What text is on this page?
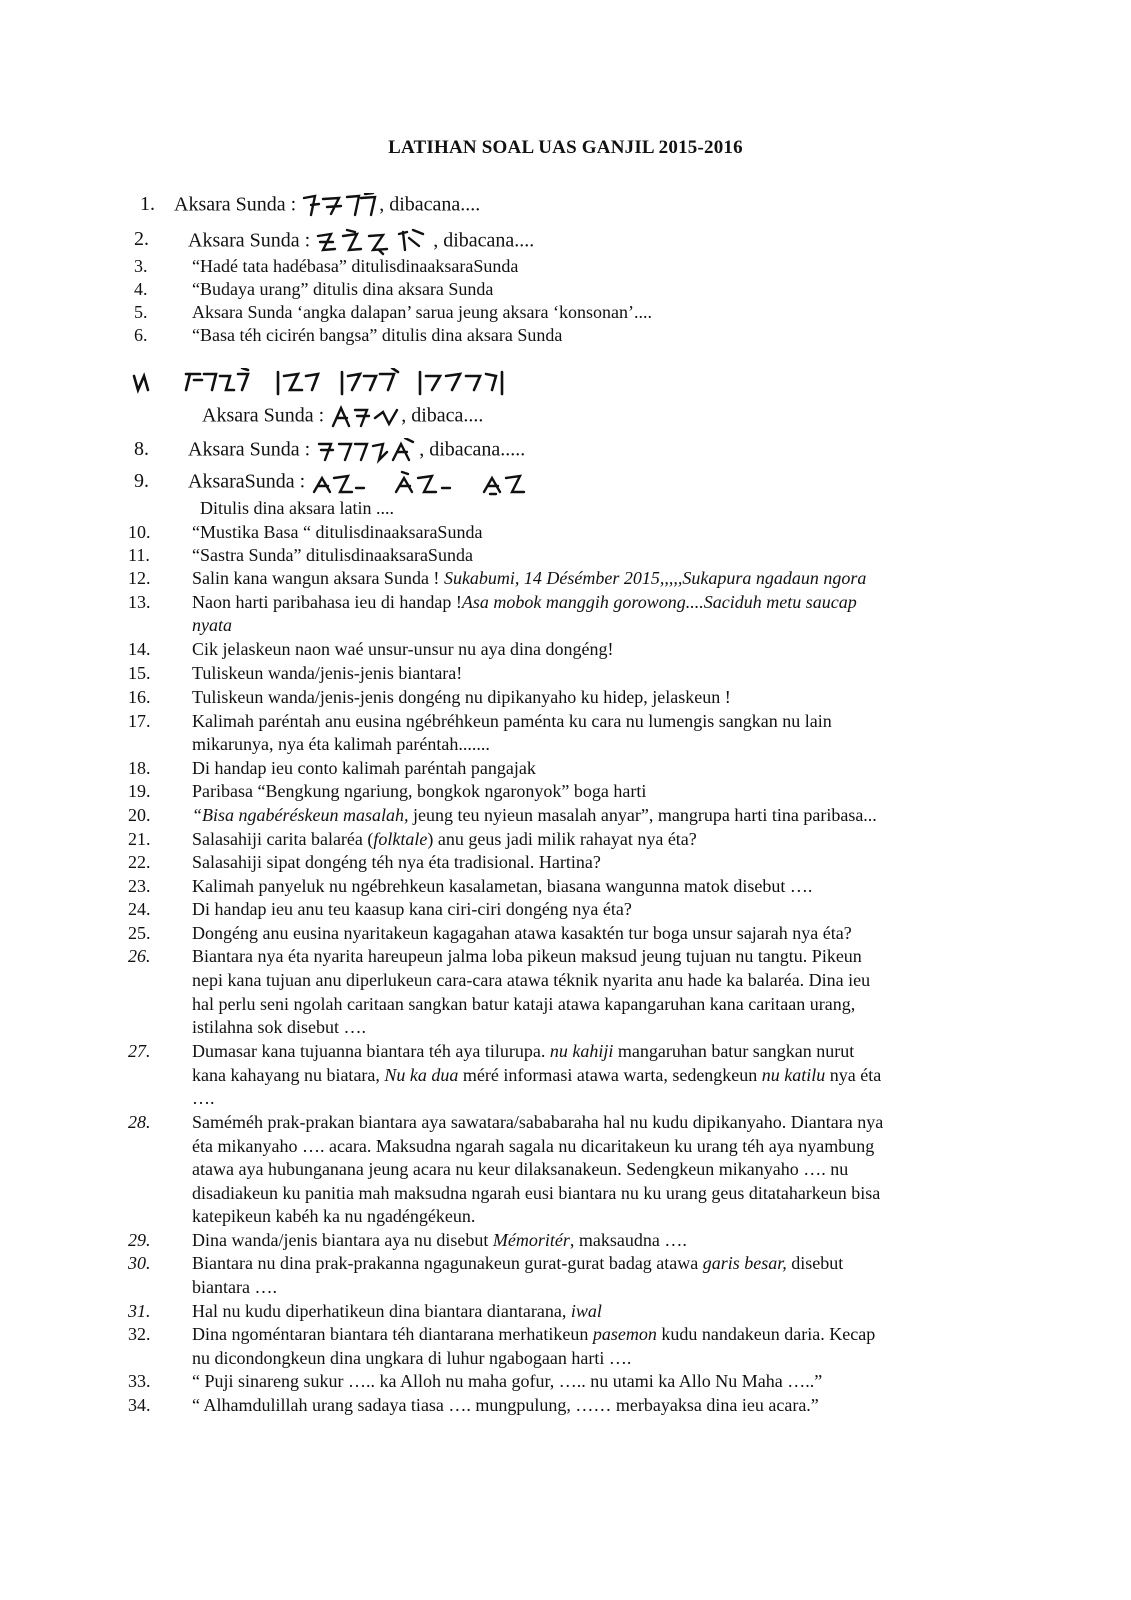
LATIHAN SOAL UAS GANJIL 2015-2016
1. Aksara Sunda :	, dibacana....
2.	Aksara Sunda :	, dibacana....
3.	“Hadé tata hadébasa” ditulisdinaaksaraSunda
4.	“Budaya urang” ditulis dina aksara Sunda
5.	Aksara Sunda ‘angka dalapan’ sarua jeung aksara ‘konsonan’....
6.	“Basa téh cicirén bangsa” ditulis dina aksara Sunda
Aksara Sunda :	, dibaca....
8.	Aksara Sunda :	, dibacana.....
9.	AksaraSunda :
Ditulis dina aksara latin ....
10.	“Mustika Basa “ ditulisdinaaksaraSunda
11.	“Sastra Sunda” ditulisdinaaksaraSunda
12.	Salin kana wangun aksara Sunda ! Sukabumi, 14 Désémber 2015,,,,,Sukapura ngadaun ngora
13.	Naon harti paribahasa ieu di handap !Asa mobok manggih gorowong....Saciduh metu saucap
nyata
14.	Cik jelaskeun naon waé unsur-unsur nu aya dina dongéng!
15.	Tuliskeun wanda/jenis-jenis biantara!
16.	Tuliskeun wanda/jenis-jenis dongéng nu dipikanyaho ku hidep, jelaskeun !
17.	Kalimah paréntah anu eusina ngébréhkeun paménta ku cara nu lumengis sangkan nu lain
mikarunya, nya éta kalimah paréntah.......
18.	Di handap ieu conto kalimah paréntah pangajak
19.	Paribasa “Bengkung ngariung, bongkok ngaronyok” boga harti
20.	“Bisa ngabéréskeun masalah, jeung teu nyieun masalah anyar”, mangrupa harti tina paribasa...
21.	Salasahiji carita balaréa (folktale) anu geus jadi milik rahayat nya éta?
22.	Salasahiji sipat dongéng téh nya éta tradisional. Hartina?
23.	Kalimah panyeluk nu ngébrehkeun kasalametan, biasana wangunna matok disebut ….
24.	Di handap ieu anu teu kaasup kana ciri-ciri dongéng nya éta?
25.	Dongéng anu eusina nyaritakeun kagagahan atawa kasaktén tur boga unsur sajarah nya éta?
26.	Biantara nya éta nyarita hareupeun jalma loba pikeun maksud jeung tujuan nu tangtu. Pikeun
nepi kana tujuan anu diperlukeun cara-cara atawa téknik nyarita anu hade ka balaréa. Dina ieu
hal perlu seni ngolah caritaan sangkan batur kataji atawa kapangaruhan kana caritaan urang,
istilahna sok disebut ….
27.	Dumasar kana tujuanna biantara téh aya tilurupa. nu kahiji mangaruhan batur sangkan nurut
kana kahayang nu biatara, Nu ka dua méré informasi atawa warta, sedengkeun nu katilu nya éta
….
28.	Saméméh prak-prakan biantara aya sawatara/sababaraha hal nu kudu dipikanyaho. Diantara nya
éta mikanyaho …. acara. Maksudna ngarah sagala nu dicaritakeun ku urang téh aya nyambung
atawa aya hubunganana jeung acara nu keur dilaksanakeun. Sedengkeun mikanyaho …. nu
disadiakeun ku panitia mah maksudna ngarah eusi biantara nu ku urang geus ditataharkeun bisa
katepikeun kabéh ka nu ngadéngékeun.
29.	Dina wanda/jenis biantara aya nu disebut Mémoritér, maksaudna ….
30.	Biantara nu dina prak-prakanna ngagunakeun gurat-gurat badag atawa garis besar, disebut
biantara ….
31.	Hal nu kudu diperhatikeun dina biantara diantarana, iwal
32.	Dina ngoméntaran biantara téh diantarana merhatikeun pasemon kudu nandakeun daria. Kecap
nu dicondongkeun dina ungkara di luhur ngabogaan harti ….
33.	“ Puji sinareng sukur ….. ka Alloh nu maha gofur, ….. nu utami ka Allo Nu Maha …..”
34.	“ Alhamdulillah urang sadaya tiasa …. mungpulung, …… merbayaksa dina ieu acara.”
